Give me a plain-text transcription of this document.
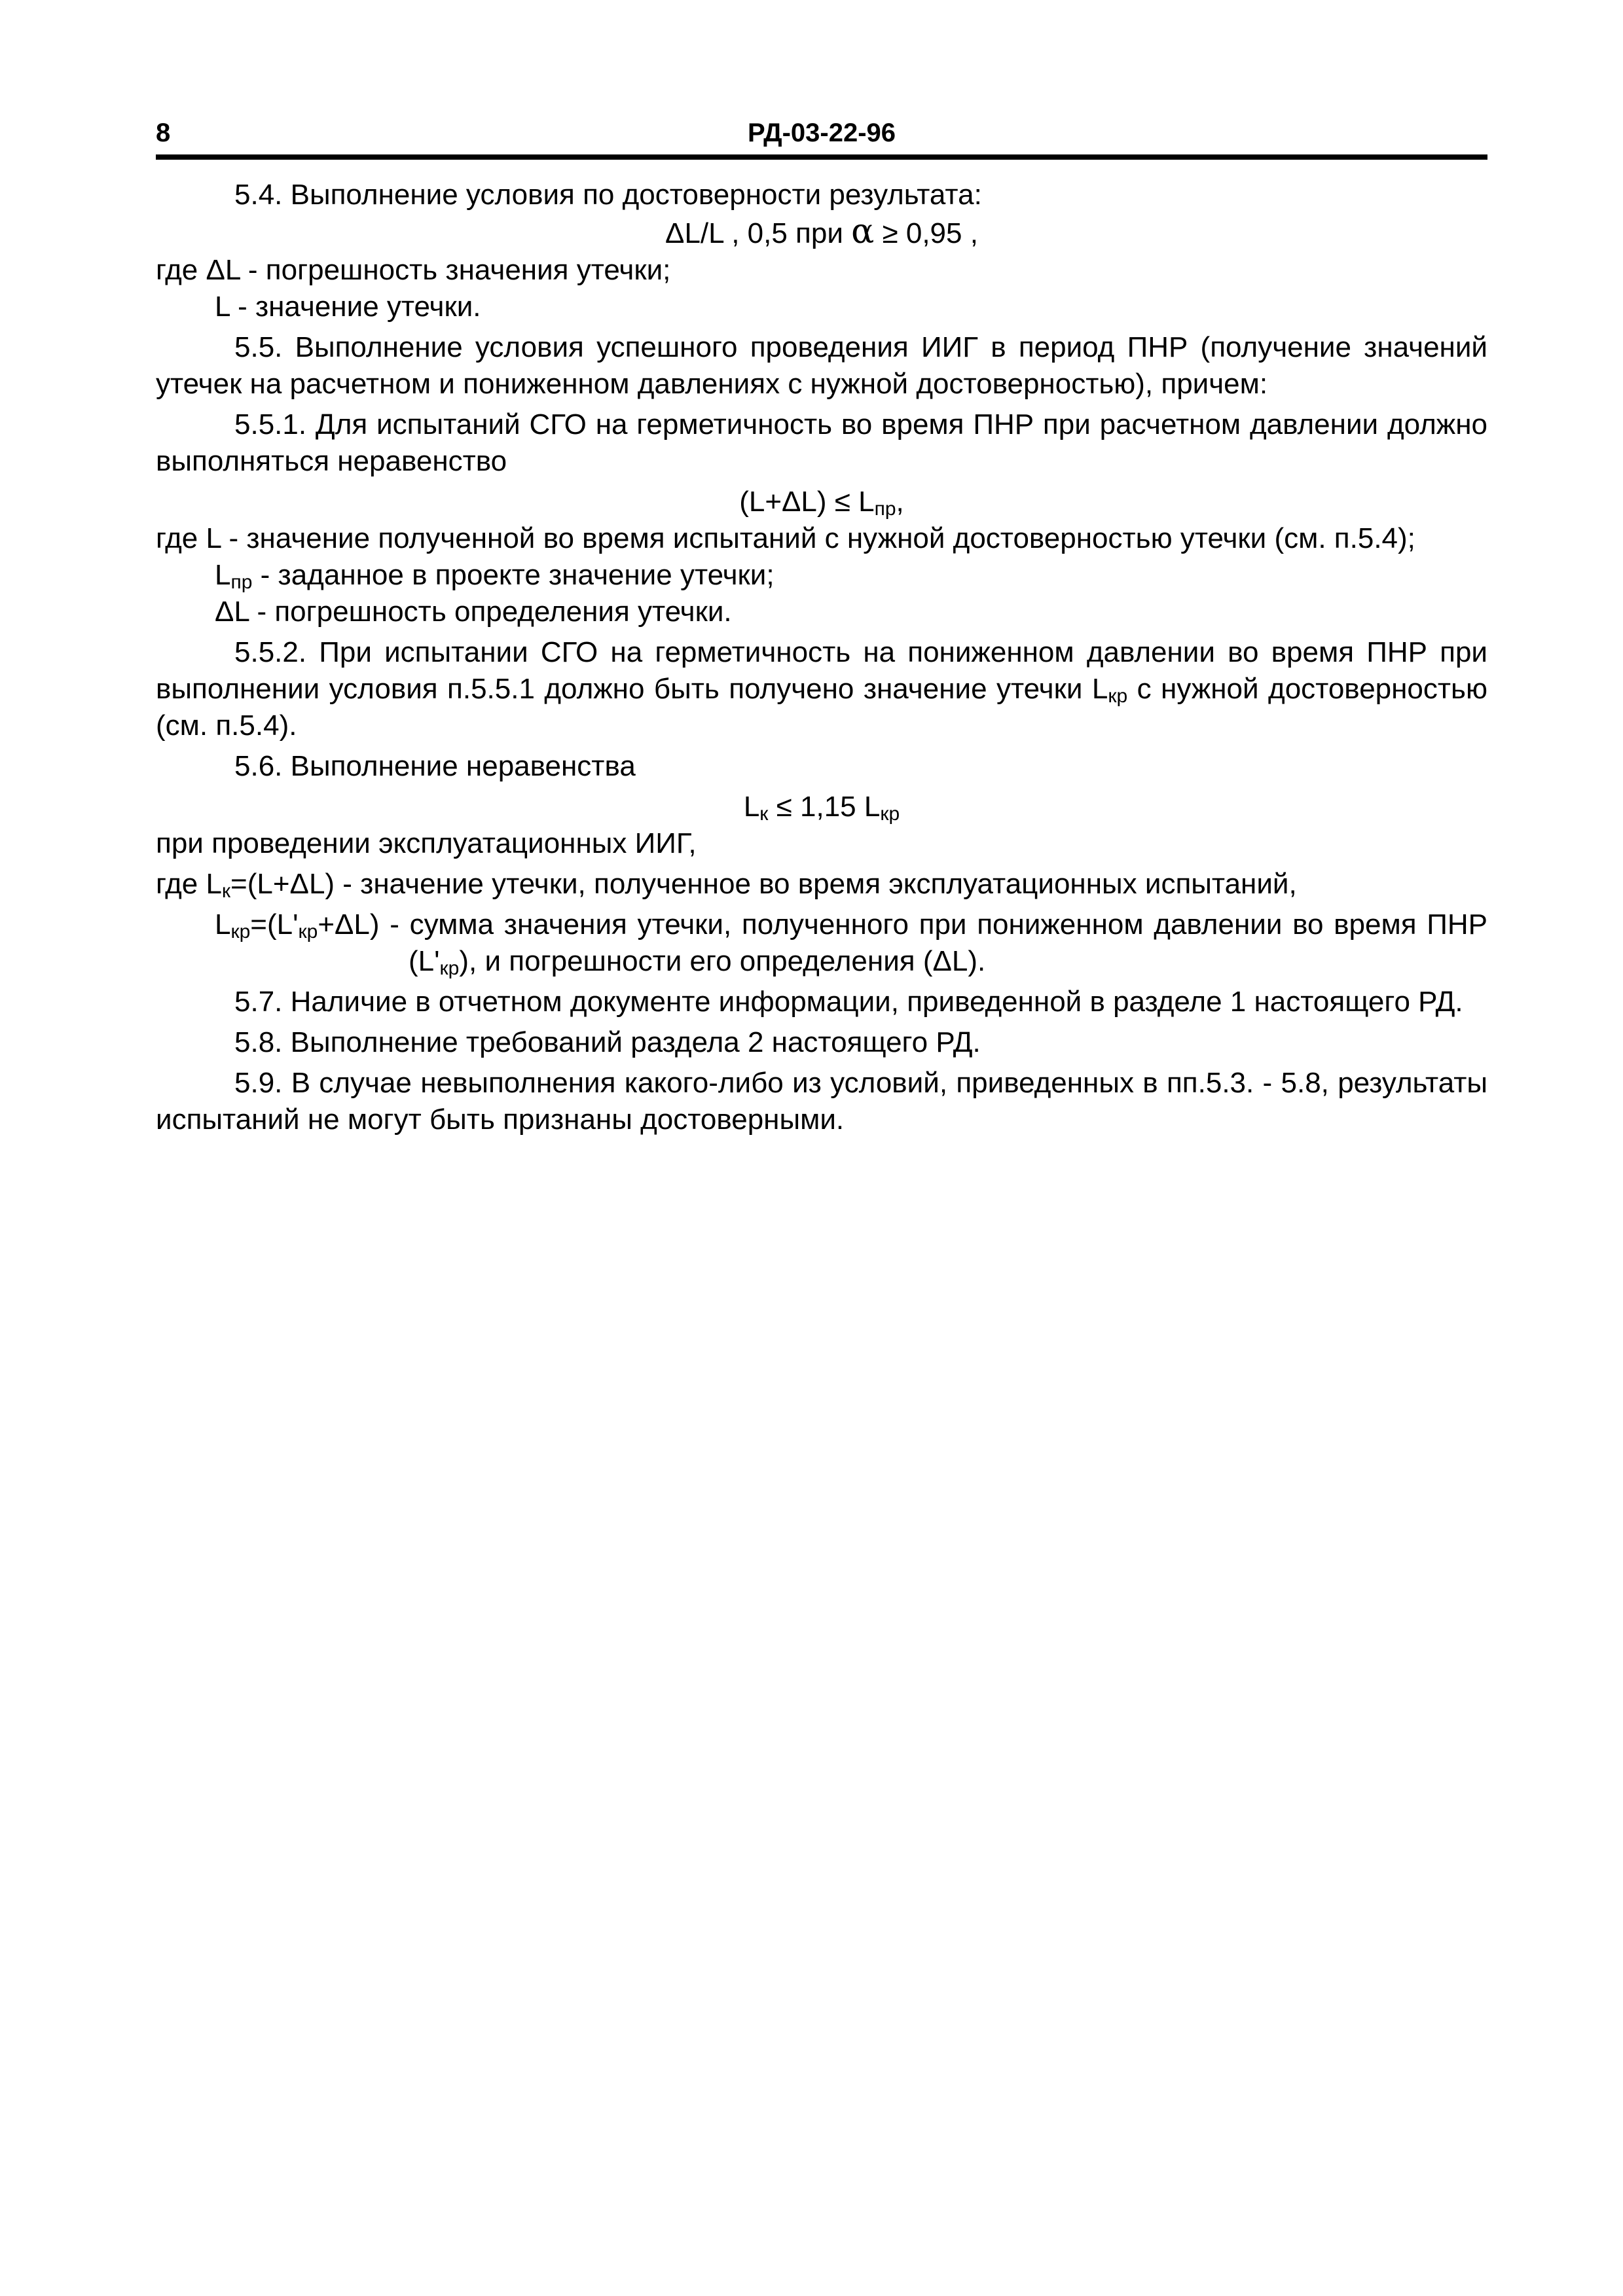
8	РД-03-22-96

5.4. Выполнение условия по достоверности результата:

ΔL/L , 0,5 при α ≥ 0,95 ,

где ΔL - погрешность значения утечки;

L - значение утечки.

5.5. Выполнение условия успешного проведения ИИГ в период ПНР (получение значений утечек на расчетном и пониженном давлениях с нужной достоверностью), причем:

5.5.1. Для испытаний СГО на герметичность во время ПНР при расчетном давлении должно выполняться неравенство

$(L+\Delta L) \le L_{пр}$,

где L - значение полученной во время испытаний с нужной достоверностью утечки (см. п.5.4);

$L_{пр}$ - заданное в проекте значение утечки;

ΔL - погрешность определения утечки.

5.5.2. При испытании СГО на герметичность на пониженном давлении во время ПНР при выполнении условия п.5.5.1 должно быть получено значение утечки $L_{кр}$ с нужной достоверностью (см. п.5.4).

5.6. Выполнение неравенства

$L_к \le 1,15$ $L_{кр}$

при проведении эксплуатационных ИИГ,

где $L_к=(L+\Delta L)$ - значение утечки, полученное во время эксплуатационных испытаний,

$L_{кр}=(L'_{кр}+\Delta L)$ - сумма значения утечки, полученного при пониженном давлении во время ПНР $(L'_{кр})$, и погрешности его определения (ΔL).

5.7. Наличие в отчетном документе информации, приведенной в разделе 1 настоящего РД.

5.8. Выполнение требований раздела 2 настоящего РД.

5.9. В случае невыполнения какого-либо из условий, приведенных в пп.5.3. - 5.8, результаты испытаний не могут быть признаны достоверными.
